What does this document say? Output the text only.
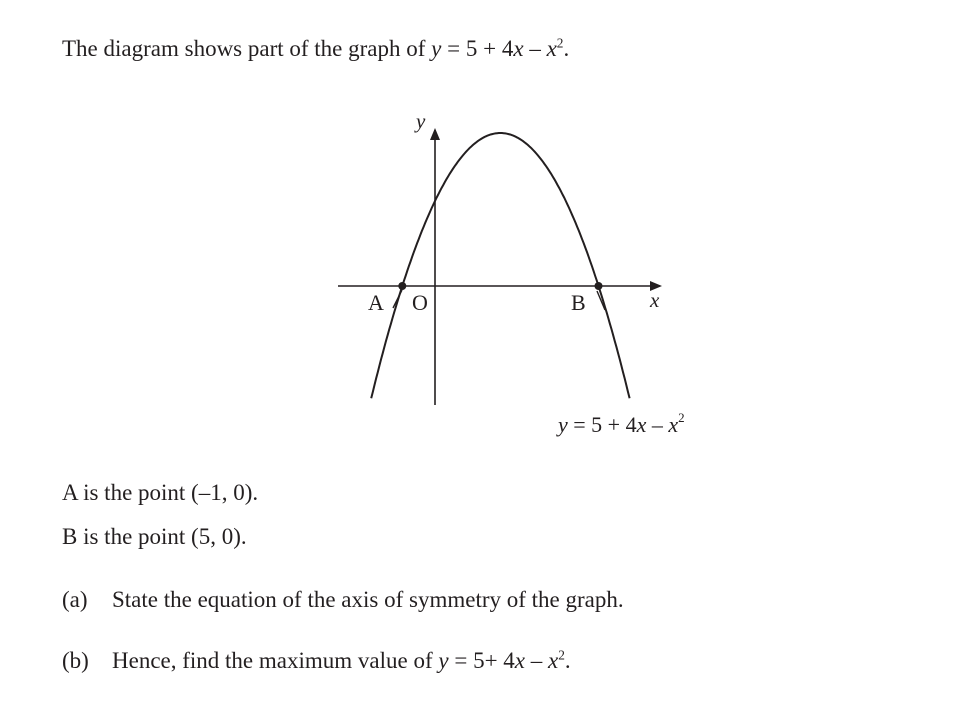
The diagram shows part of the graph of $y = 5 + 4x - x^2$.
y
x
O
A	B
$y = 5 + 4x - x^2$
A is the point (–1, 0).
B is the point (5, 0).
(a) State the equation of the axis of symmetry of the graph.
(b) Hence, find the maximum value of $y = 5+ 4x - x^2$.
